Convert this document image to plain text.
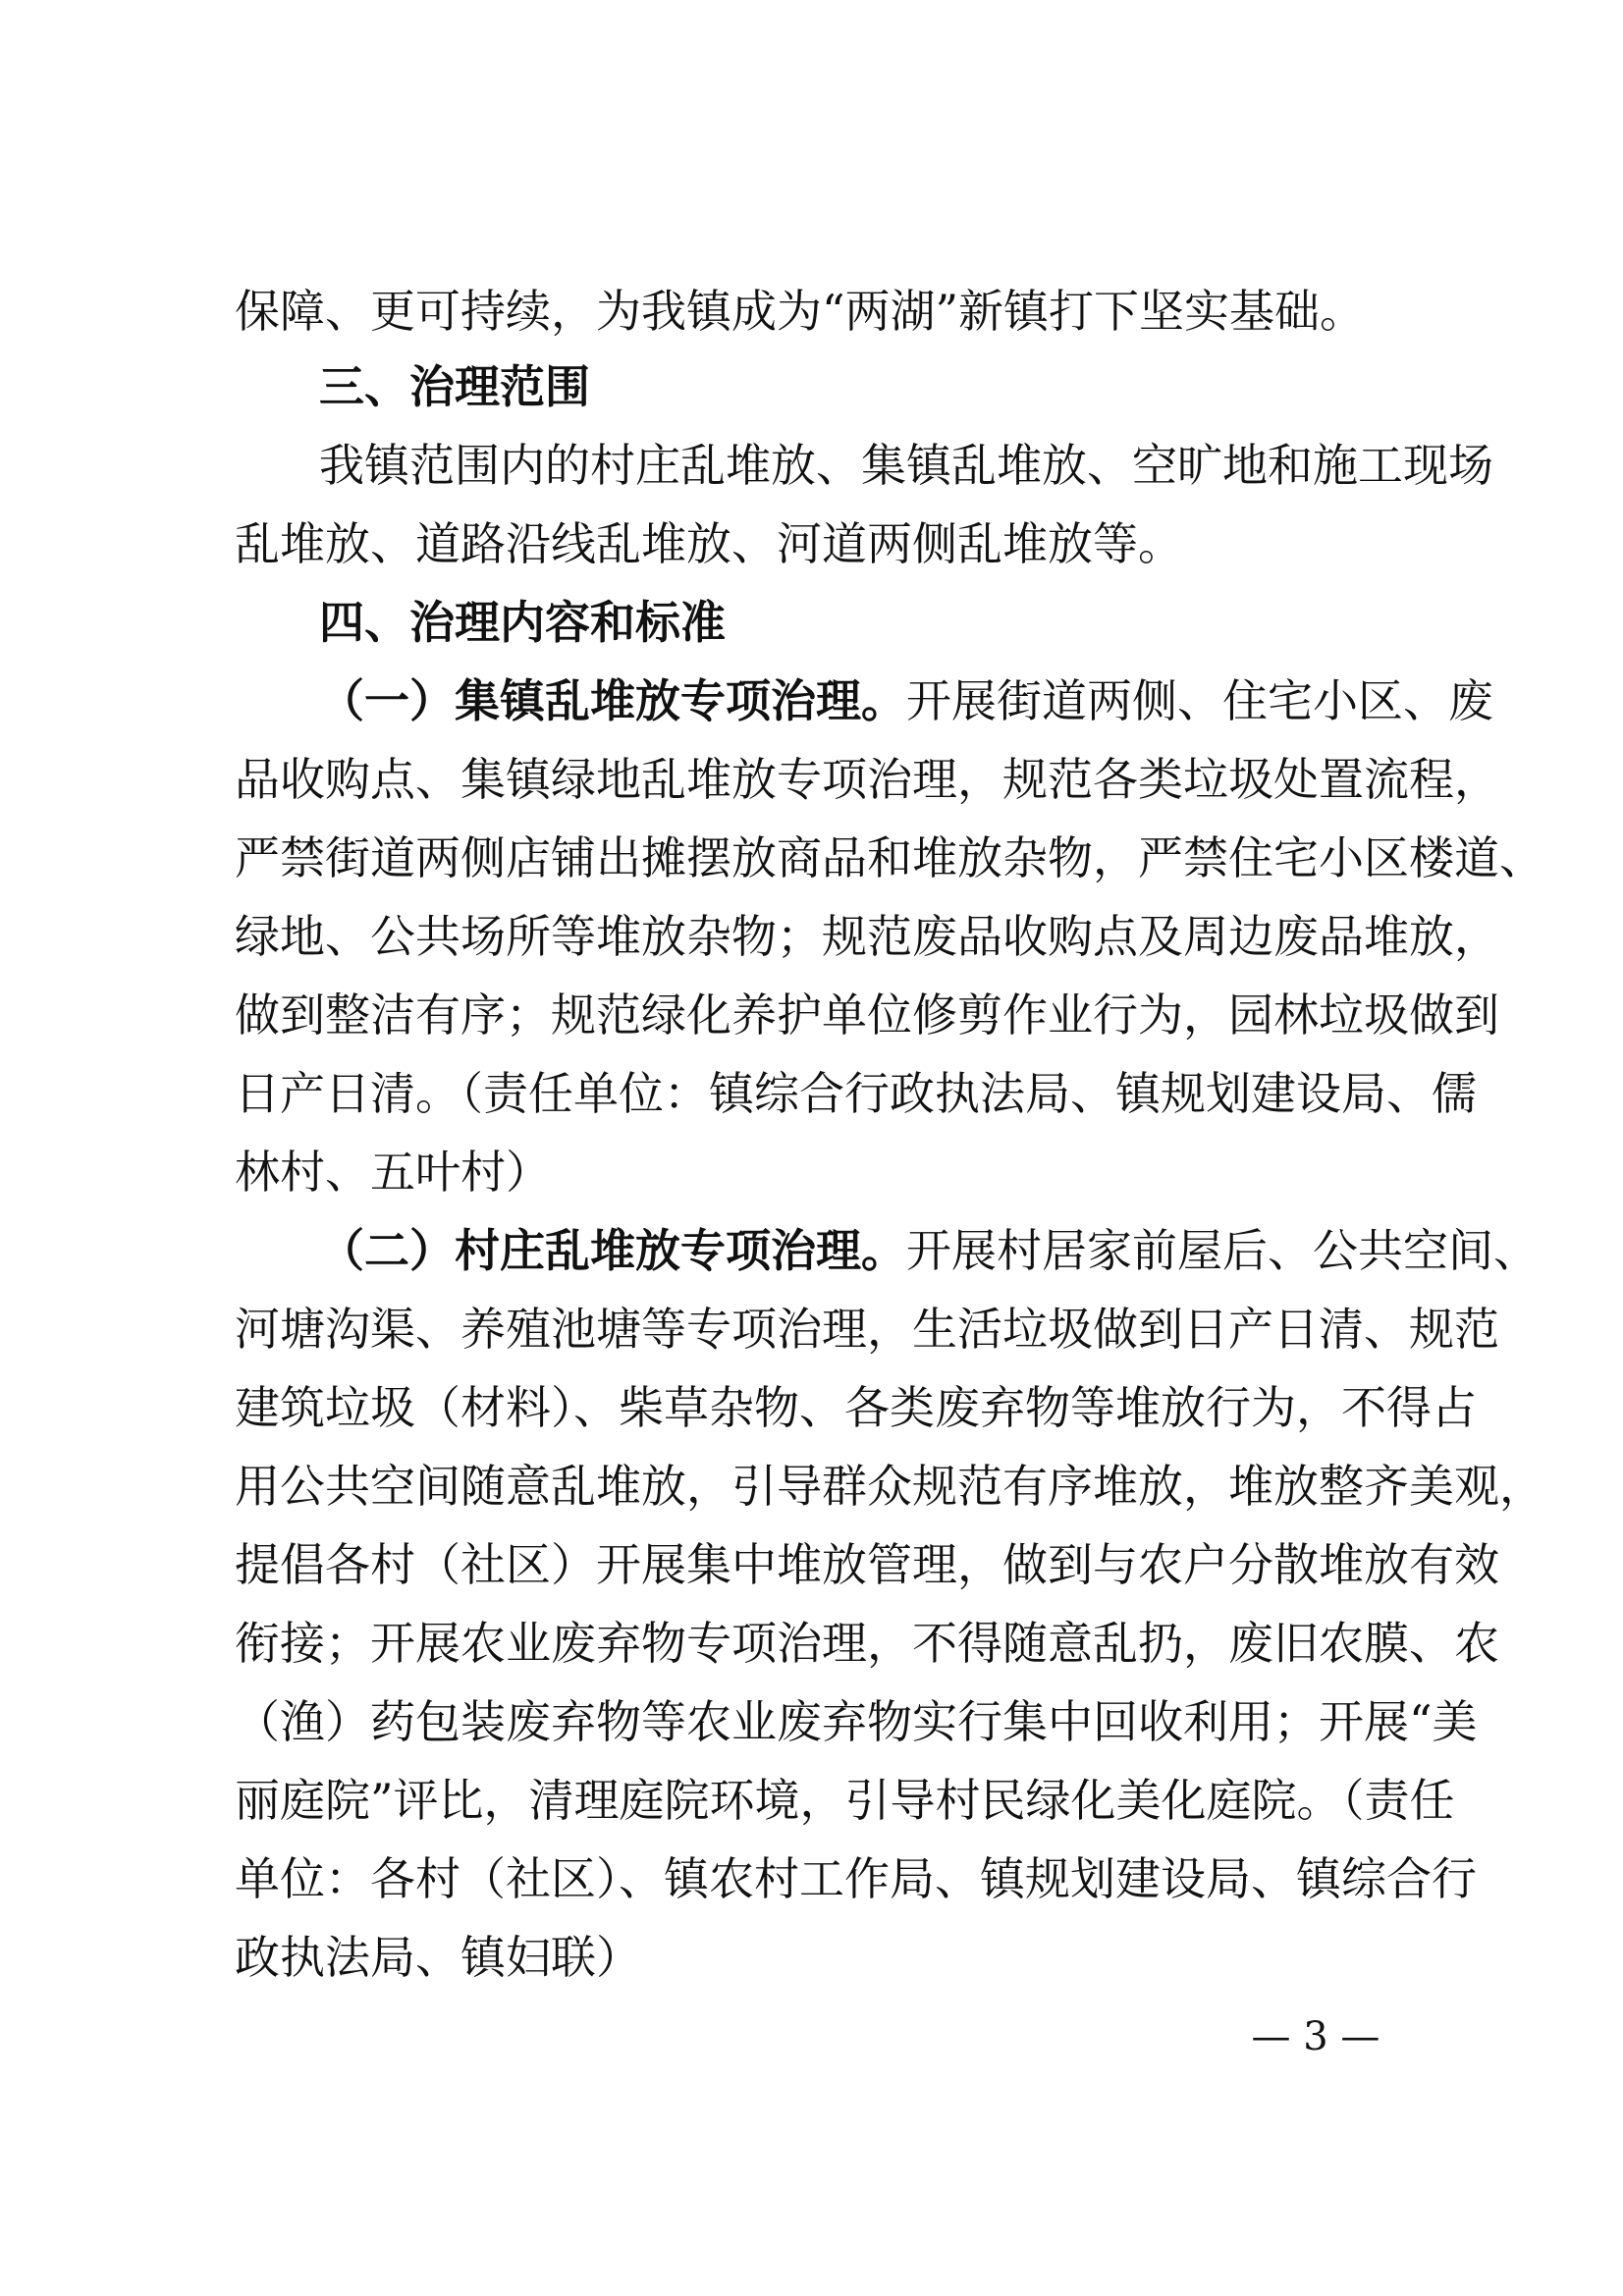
保障、更可持续，为我镇成为“两湖”新镇打下坚实基础。
三、治理范围
我镇范围内的村庄乱堆放、集镇乱堆放、空旷地和施工现场
乱堆放、道路沿线乱堆放、河道两侧乱堆放等。
四、治理内容和标准
（一）集镇乱堆放专项治理。开展街道两侧、住宅小区、废
品收购点、集镇绿地乱堆放专项治理，规范各类垃圾处置流程，
严禁街道两侧店铺出摊摆放商品和堆放杂物，严禁住宅小区楼道、
绿地、公共场所等堆放杂物；规范废品收购点及周边废品堆放，
做到整洁有序；规范绿化养护单位修剪作业行为，园林垃圾做到
日产日清。（责任单位：镇综合行政执法局、镇规划建设局、儒
林村、五叶村）
（二）村庄乱堆放专项治理。开展村居家前屋后、公共空间、
河塘沟渠、养殖池塘等专项治理，生活垃圾做到日产日清、规范
建筑垃圾（材料）、柴草杂物、各类废弃物等堆放行为，不得占
用公共空间随意乱堆放，引导群众规范有序堆放，堆放整齐美观，
提倡各村（社区）开展集中堆放管理，做到与农户分散堆放有效
衔接；开展农业废弃物专项治理，不得随意乱扔，废旧农膜、农
（渔）药包装废弃物等农业废弃物实行集中回收利用；开展“美
丽庭院”评比，清理庭院环境，引导村民绿化美化庭院。（责任
单位：各村（社区）、镇农村工作局、镇规划建设局、镇综合行
政执法局、镇妇联）
— 3 —
